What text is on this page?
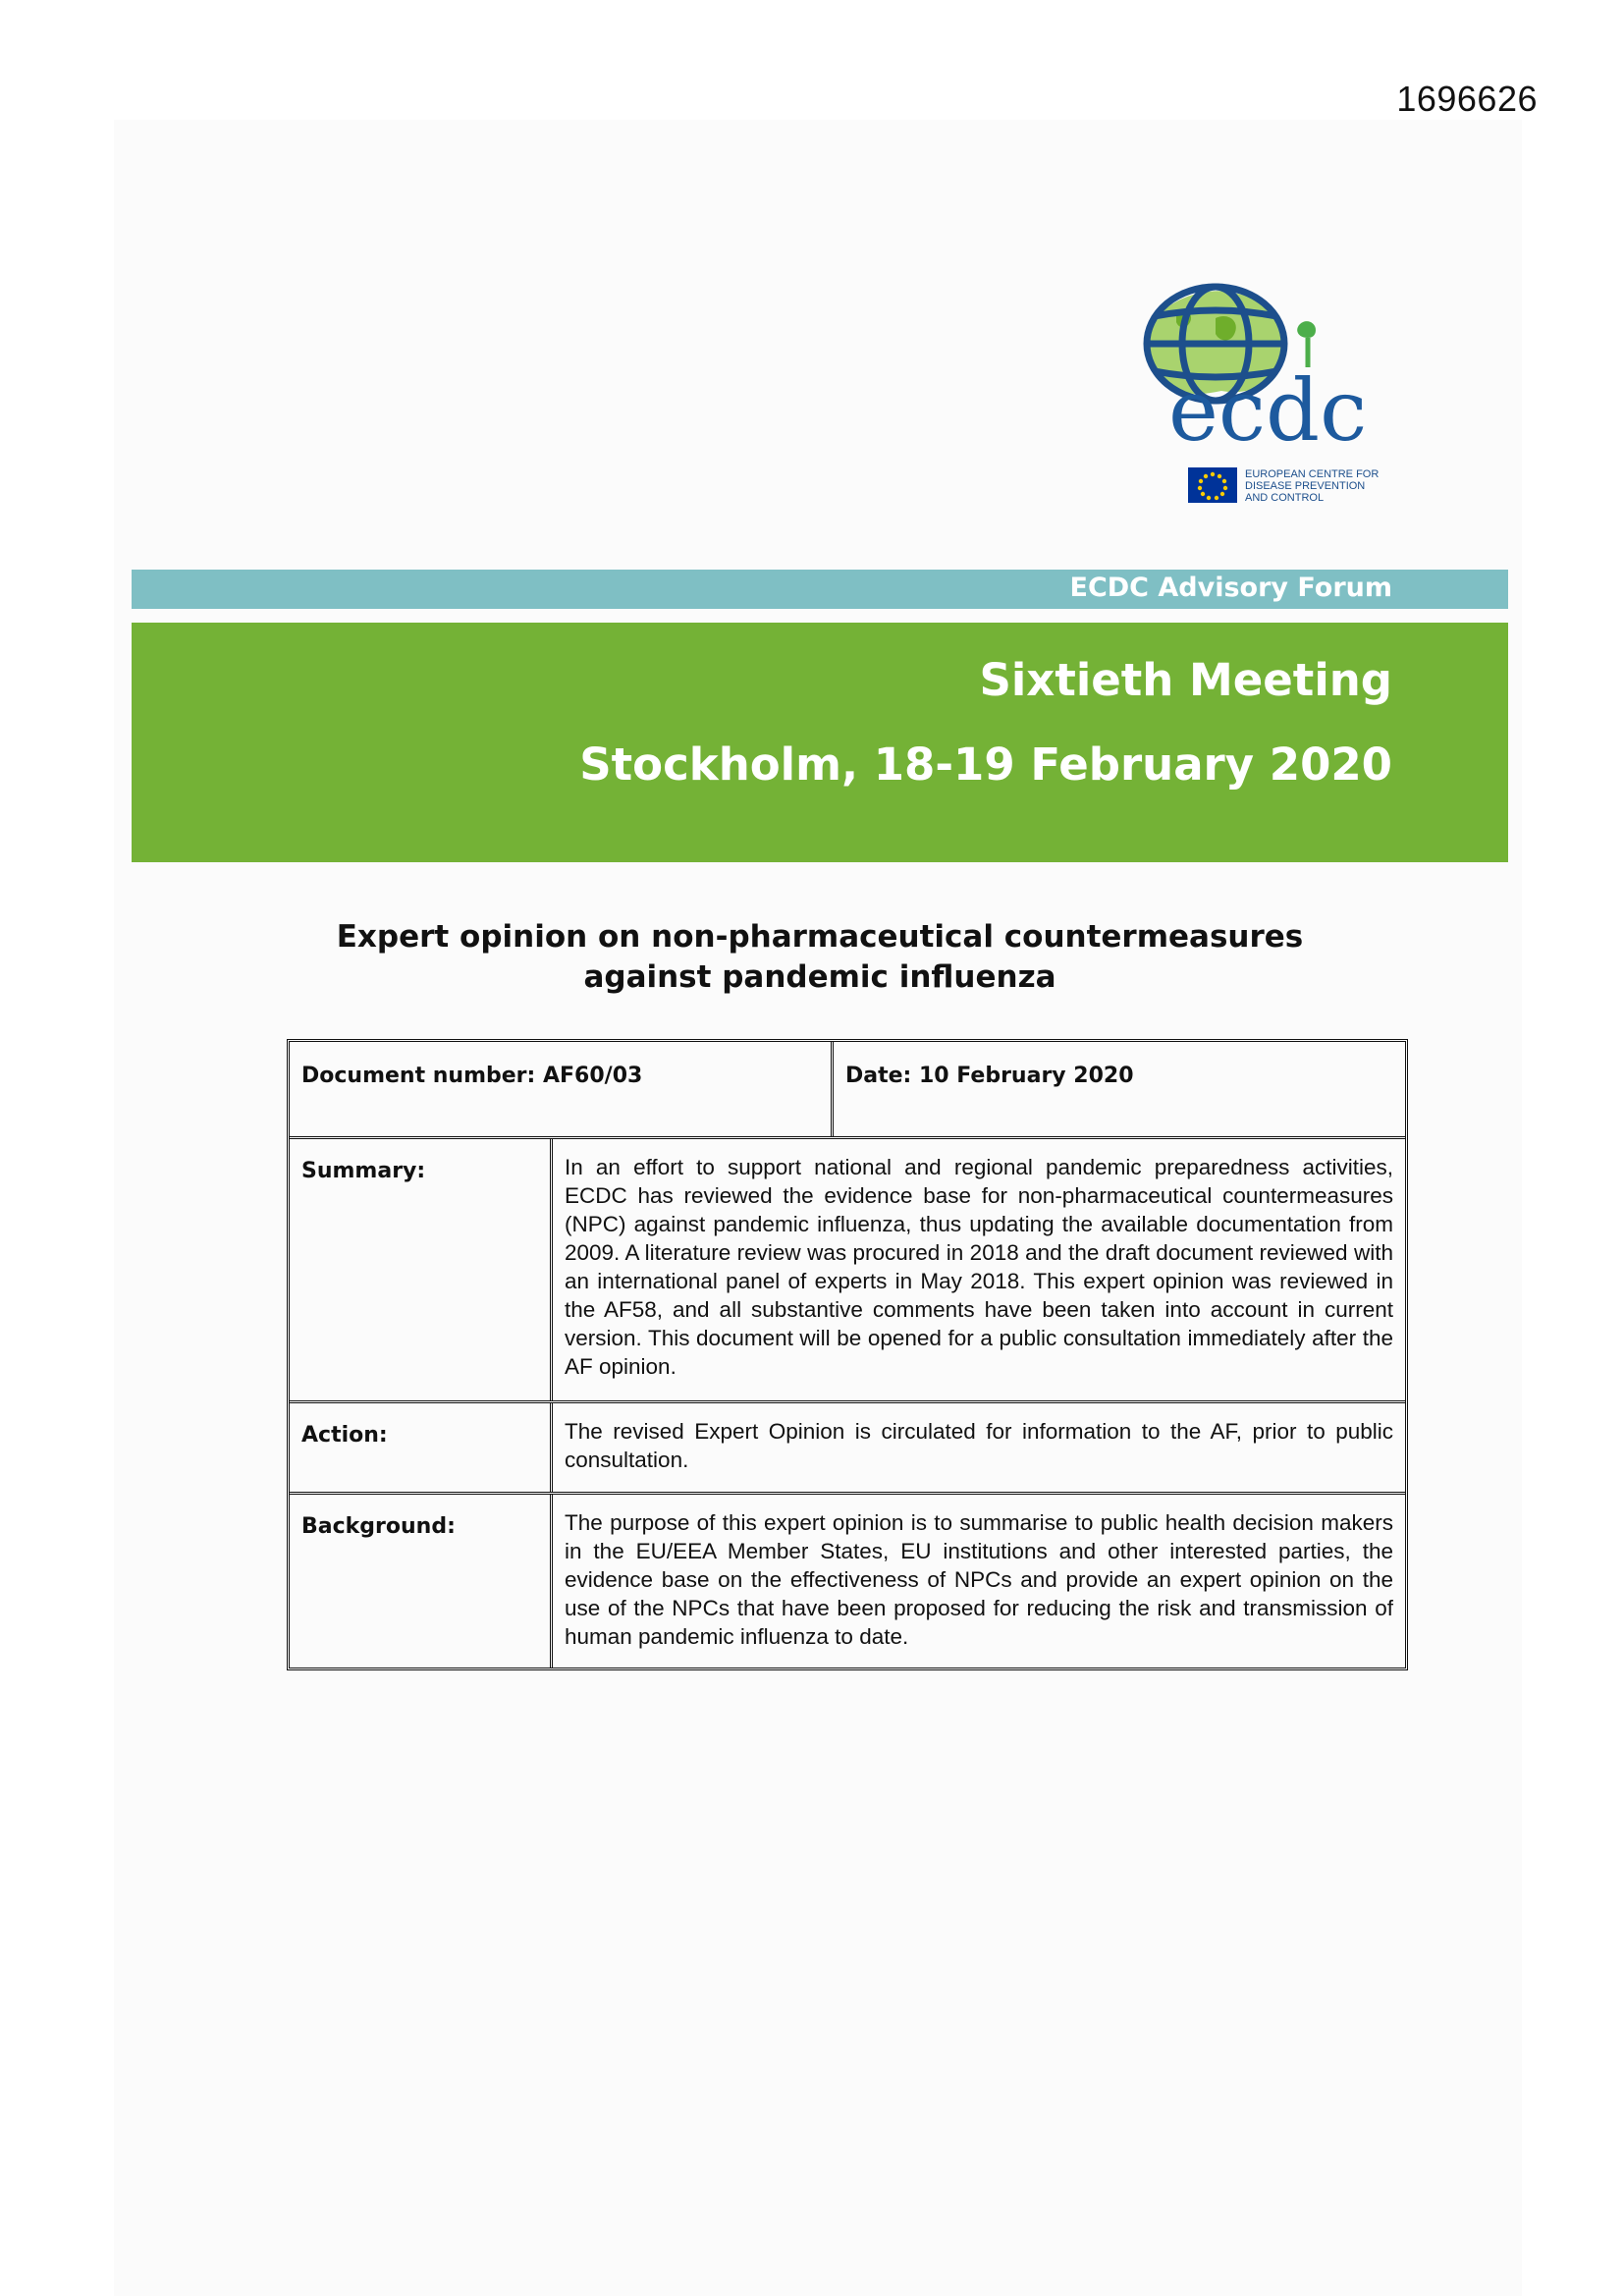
1696626
ecdc
EUROPEAN CENTRE FOR
DISEASE PREVENTION
AND CONTROL
ECDC Advisory Forum
Sixtieth Meeting
Stockholm, 18-19 February 2020
Expert opinion on non-pharmaceutical countermeasures
against pandemic influenza
Document number: AF60/03	Date: 10 February 2020
Summary:	In an effort to support national and regional pandemic preparedness activities, ECDC has reviewed the evidence base for non-pharmaceutical countermeasures (NPC) against pandemic influenza, thus updating the available documentation from 2009. A literature review was procured in 2018 and the draft document reviewed with an international panel of experts in May 2018. This expert opinion was reviewed in the AF58, and all substantive comments have been taken into account in current version. This document will be opened for a public consultation immediately after the AF opinion.
Action:	The revised Expert Opinion is circulated for information to the AF, prior to public consultation.
Background:	The purpose of this expert opinion is to summarise to public health decision makers in the EU/EEA Member States, EU institutions and other interested parties, the evidence base on the effectiveness of NPCs and provide an expert opinion on the use of the NPCs that have been proposed for reducing the risk and transmission of human pandemic influenza to date.
